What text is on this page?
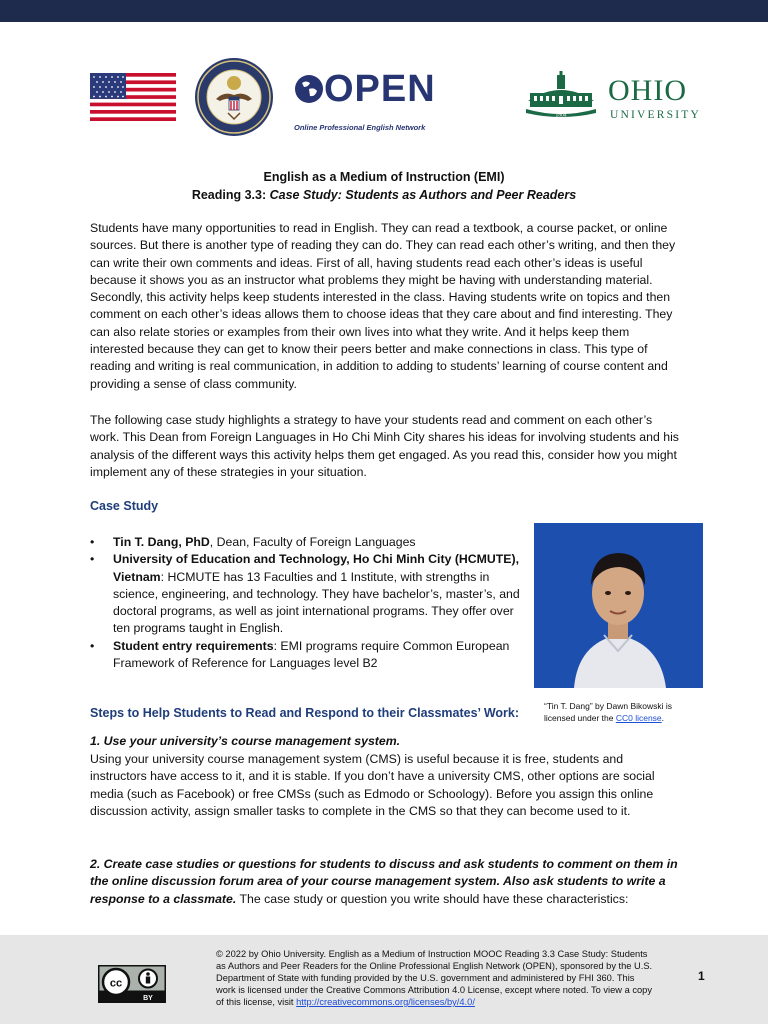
OPEN
Online Professional English Network
1804
OHIO
UNIVERSITY
English as a Medium of Instruction (EMI)
Reading 3.3: Case Study: Students as Authors and Peer Readers

Students have many opportunities to read in English. They can read a textbook, a course packet, or online sources. But there is another type of reading they can do. They can read each other’s writing, and then they can write their own comments and ideas. First of all, having students read each other’s ideas is useful because it shows you as an instructor what problems they might be having with understanding material. Secondly, this activity helps keep students interested in the class. Having students write on topics and then comment on each other’s ideas allows them to choose ideas that they care about and find interesting. They can also relate stories or examples from their own lives into what they write. And it helps keep them interested because they can get to know their peers better and make connections in class. This type of reading and writing is real communication, in addition to adding to students’ learning of course content and providing a sense of class community.

The following case study highlights a strategy to have your students read and comment on each other’s work. This Dean from Foreign Languages in Ho Chi Minh City shares his ideas for involving students and his analysis of the different ways this activity helps them get engaged. As you read this, consider how you might implement any of these strategies in your situation.

Case Study
• Tin T. Dang, PhD, Dean, Faculty of Foreign Languages
• University of Education and Technology, Ho Chi Minh City (HCMUTE), Vietnam: HCMUTE has 13 Faculties and 1 Institute, with strengths in science, engineering, and technology. They have bachelor’s, master’s, and doctoral programs, as well as joint international programs. They offer over ten programs taught in English.
• Student entry requirements: EMI programs require Common European Framework of Reference for Languages level B2
“Tin T. Dang” by Dawn Bikowski is licensed under the CC0 license.
Steps to Help Students to Read and Respond to their Classmates’ Work:
1. Use your university’s course management system.

Using your university course management system (CMS) is useful because it is free, students and instructors have access to it, and it is stable. If you don’t have a university CMS, other options are social media (such as Facebook) or free CMSs (such as Edmodo or Schoology). Before you assign this online discussion activity, assign smaller tasks to complete in the CMS so that they can become used to it.

2. Create case studies or questions for students to discuss and ask students to comment on them in the online discussion forum area of your course management system. Also ask students to write a response to a classmate. The case study or question you write should have these characteristics:

cc
BY
© 2022 by Ohio University. English as a Medium of Instruction MOOC Reading 3.3 Case Study: Students as Authors and Peer Readers for the Online Professional English Network (OPEN), sponsored by the U.S. Department of State with funding provided by the U.S. government and administered by FHI 360. This work is licensed under the Creative Commons Attribution 4.0 License, except where noted. To view a copy of this license, visit http://creativecommons.org/licenses/by/4.0/
1
